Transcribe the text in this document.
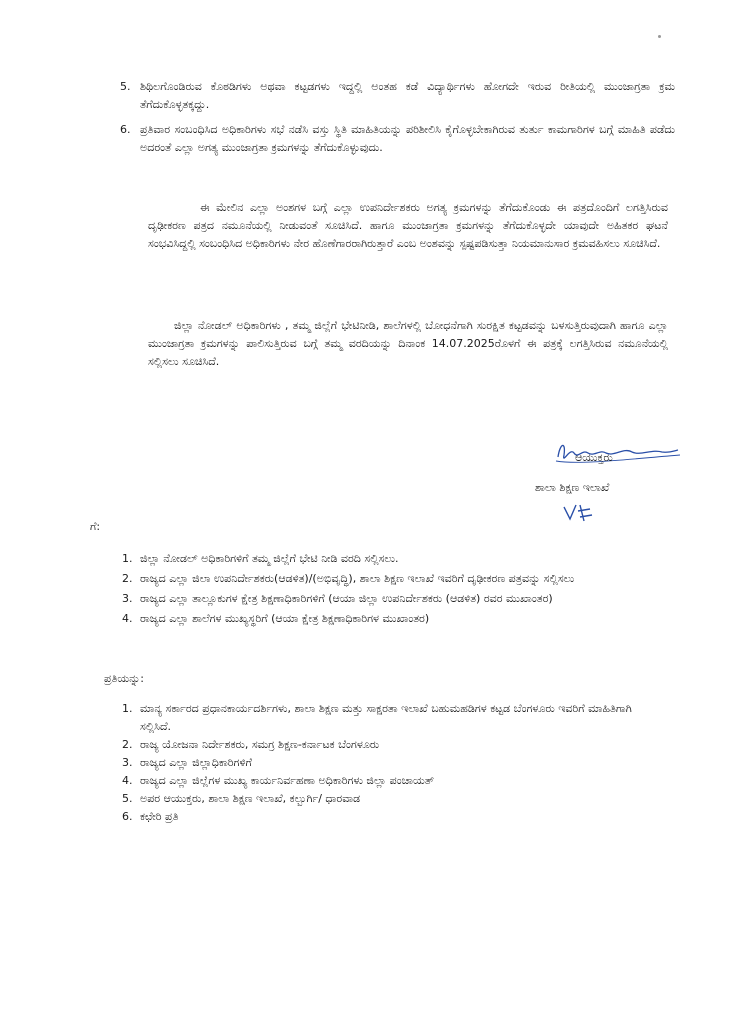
5. ಶಿಥಿಲಗೊಂಡಿರುವ ಕೊಠಡಿಗಳು ಅಥವಾ ಕಟ್ಟಡಗಳು ಇದ್ದಲ್ಲಿ ಅಂತಹ ಕಡೆ ವಿದ್ಯಾರ್ಥಿಗಳು ಹೋಗದೇ ಇರುವ ರೀತಿಯಲ್ಲಿ ಮುಂಜಾಗ್ರತಾ ಕ್ರಮ ತೆಗೆದುಕೊಳ್ಳತಕ್ಕದ್ದು.
6. ಪ್ರತಿವಾರ ಸಂಬಂಧಿಸಿದ ಅಧಿಕಾರಿಗಳು ಸಭೆ ನಡೆಸಿ ವಸ್ತು ಸ್ಥಿತಿ ಮಾಹಿತಿಯನ್ನು ಪರಿಶೀಲಿಸಿ ಕೈಗೊಳ್ಳಬೇಕಾಗಿರುವ ತುರ್ತು ಕಾಮಗಾರಿಗಳ ಬಗ್ಗೆ ಮಾಹಿತಿ ಪಡೆದು ಅದರಂತೆ ಎಲ್ಲಾ ಅಗತ್ಯ ಮುಂಜಾಗ್ರತಾ ಕ್ರಮಗಳನ್ನು ತೆಗೆದುಕೊಳ್ಳುವುದು.
ಈ ಮೇಲಿನ ಎಲ್ಲಾ ಅಂಶಗಳ ಬಗ್ಗೆ ಎಲ್ಲಾ ಉಪನಿರ್ದೇಶಕರು ಅಗತ್ಯ ಕ್ರಮಗಳನ್ನು ತೆಗೆದುಕೊಂಡು ಈ ಪತ್ರದೊಂದಿಗೆ ಲಗತ್ತಿಸಿರುವ ದೃಢೀಕರಣ ಪತ್ರದ ನಮೂನೆಯಲ್ಲಿ ನೀಡುವಂತೆ ಸೂಚಿಸಿದೆ. ಹಾಗೂ ಮುಂಜಾಗ್ರತಾ ಕ್ರಮಗಳನ್ನು ತೆಗೆದುಕೊಳ್ಳದೇ ಯಾವುದೇ ಅಹಿತಕರ ಘಟನೆ ಸಂಭವಿಸಿದ್ದಲ್ಲಿ ಸಂಬಂಧಿಸಿದ ಅಧಿಕಾರಿಗಳು ನೇರ ಹೊಣೆಗಾರರಾಗಿರುತ್ತಾರೆ ಎಂಬ ಅಂಶವನ್ನು ಸ್ಪಷ್ಟಪಡಿಸುತ್ತಾ ನಿಯಮಾನುಸಾರ ಕ್ರಮವಹಿಸಲು ಸೂಚಿಸಿದೆ.
ಜಿಲ್ಲಾ ನೋಡಲ್ ಅಧಿಕಾರಿಗಳು , ತಮ್ಮ ಜಿಲ್ಲೆಗೆ ಭೇಟಿನೀಡಿ, ಶಾಲೆಗಳಲ್ಲಿ ಬೋಧನೆಗಾಗಿ ಸುರಕ್ಷಿತ ಕಟ್ಟಡವನ್ನು ಬಳಸುತ್ತಿರುವುದಾಗಿ ಹಾಗೂ ಎಲ್ಲಾ ಮುಂಜಾಗ್ರತಾ ಕ್ರಮಗಳನ್ನು ಪಾಲಿಸುತ್ತಿರುವ ಬಗ್ಗೆ ತಮ್ಮ ವರದಿಯನ್ನು ದಿನಾಂಕ 14.07.2025ರೊಳಗೆ ಈ ಪತ್ರಕ್ಕೆ ಲಗತ್ತಿಸಿರುವ ನಮೂನೆಯಲ್ಲಿ ಸಲ್ಲಿಸಲು ಸೂಚಿಸಿದೆ.
ಆಯುಕ್ತರು
ಶಾಲಾ ಶಿಕ್ಷಣ ಇಲಾಖೆ
ಗೆ:
1. ಜಿಲ್ಲಾ ನೋಡಲ್ ಅಧಿಕಾರಿಗಳಿಗೆ ತಮ್ಮ ಜಿಲ್ಲೆಗೆ ಭೇಟಿ ನೀಡಿ ವರದಿ ಸಲ್ಲಿಸಲು.
2. ರಾಜ್ಯದ ಎಲ್ಲಾ ಜಿಲಾ ಉಪನಿರ್ದೇಶಕರು(ಆಡಳಿತ)/(ಅಭಿವೃದ್ಧಿ), ಶಾಲಾ ಶಿಕ್ಷಣ ಇಲಾಖೆ ಇವರಿಗೆ ದೃಢೀಕರಣ ಪತ್ರವನ್ನು ಸಲ್ಲಿಸಲು
3. ರಾಜ್ಯದ ಎಲ್ಲಾ ತಾಲ್ಲೂಕುಗಳ ಕ್ಷೇತ್ರ ಶಿಕ್ಷಣಾಧಿಕಾರಿಗಳಿಗೆ (ಆಯಾ ಜಿಲ್ಲಾ ಉಪನಿರ್ದೇಶಕರು (ಆಡಳಿತ) ರವರ ಮುಖಾಂತರ)
4. ರಾಜ್ಯದ ಎಲ್ಲಾ ಶಾಲೆಗಳ ಮುಖ್ಯಸ್ಥರಿಗೆ (ಆಯಾ ಕ್ಷೇತ್ರ ಶಿಕ್ಷಣಾಧಿಕಾರಿಗಳ ಮುಖಾಂತರ)
ಪ್ರತಿಯನ್ನು:
1. ಮಾನ್ಯ ಸರ್ಕಾರದ ಪ್ರಧಾನಕಾರ್ಯದರ್ಶಿಗಳು, ಶಾಲಾ ಶಿಕ್ಷಣ ಮತ್ತು ಸಾಕ್ಷರತಾ ಇಲಾಖೆ ಬಹುಮಹಡಿಗಳ ಕಟ್ಟಡ ಬೆಂಗಳೂರು ಇವರಿಗೆ ಮಾಹಿತಿಗಾಗಿ ಸಲ್ಲಿಸಿದೆ.
2. ರಾಜ್ಯ ಯೋಜನಾ ನಿರ್ದೇಶಕರು, ಸಮಗ್ರ ಶಿಕ್ಷಣ-ಕರ್ನಾಟಕ ಬೆಂಗಳೂರು
3. ರಾಜ್ಯದ ಎಲ್ಲಾ ಜಿಲ್ಲಾಧಿಕಾರಿಗಳಿಗೆ
4. ರಾಜ್ಯದ ಎಲ್ಲಾ ಜಿಲ್ಲೆಗಳ ಮುಖ್ಯ ಕಾರ್ಯನಿರ್ವಹಣಾ ಅಧಿಕಾರಿಗಳು ಜಿಲ್ಲಾ ಪಂಚಾಯತ್
5. ಅಪರ ಆಯುಕ್ತರು, ಶಾಲಾ ಶಿಕ್ಷಣ ಇಲಾಖೆ, ಕಲ್ಬುರ್ಗಿ/ ಧಾರವಾಡ
6. ಕಛೇರಿ ಪ್ರತಿ
